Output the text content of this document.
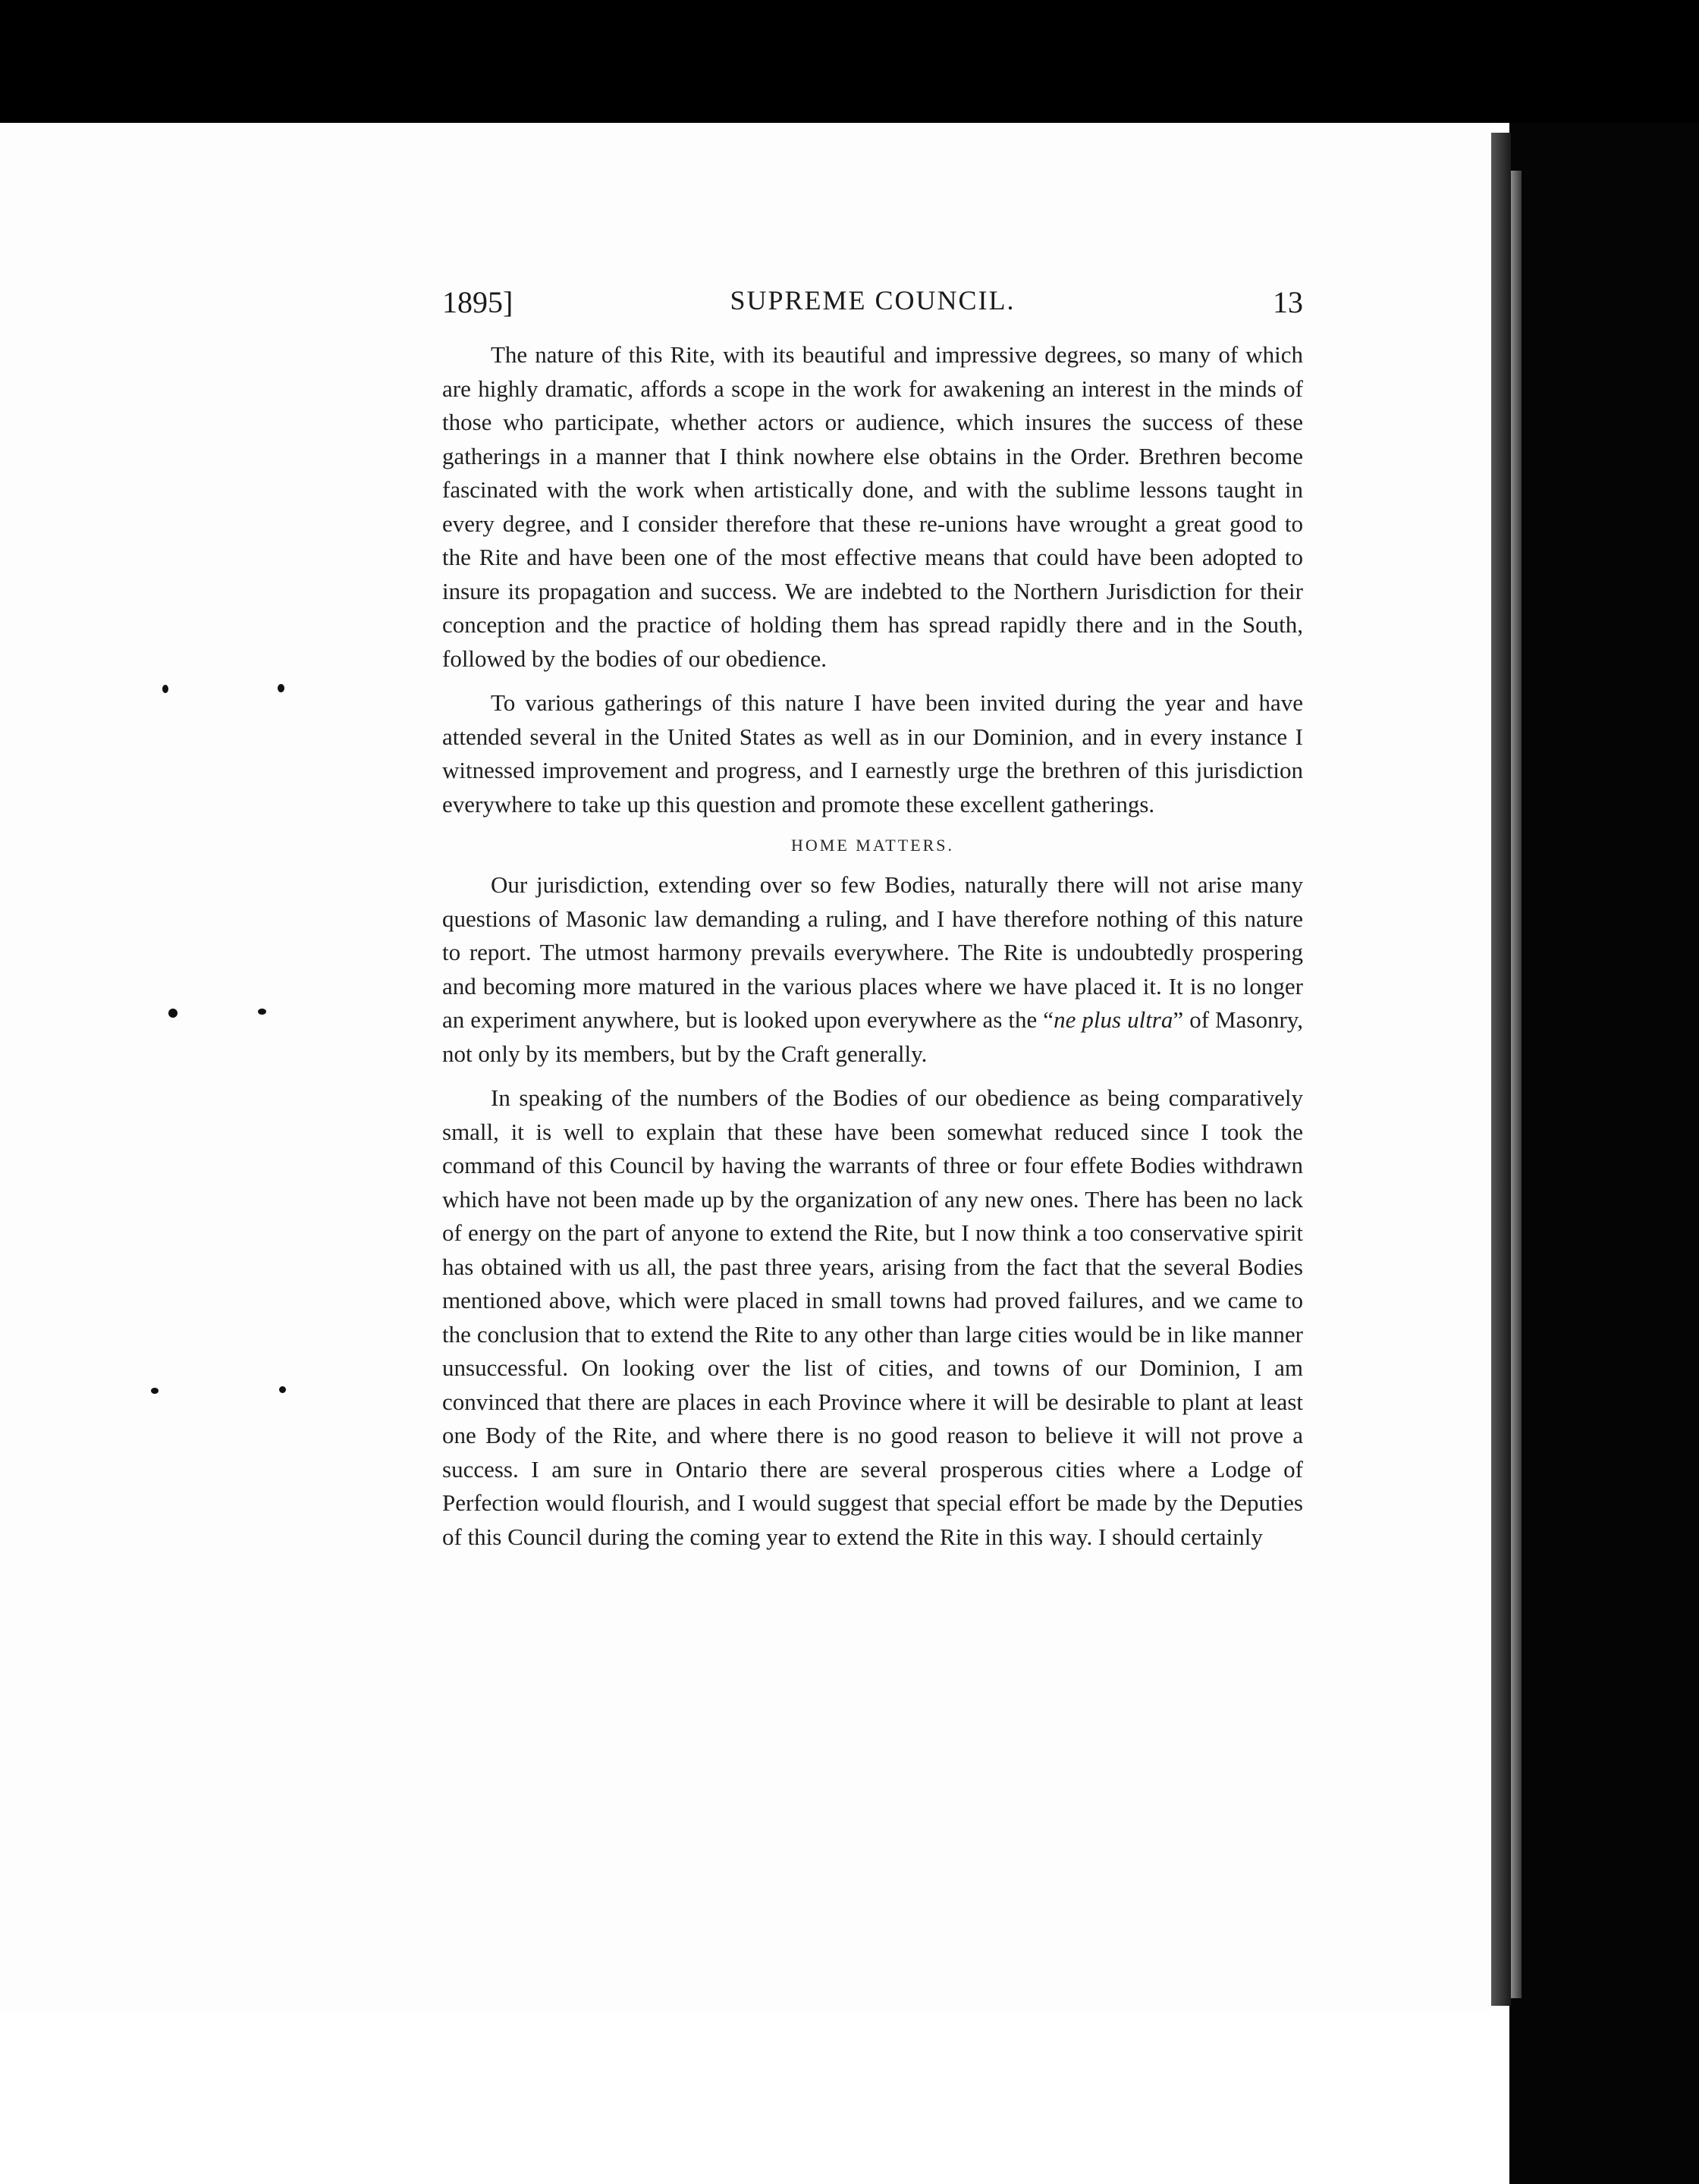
1895]	SUPREME COUNCIL.	13

The nature of this Rite, with its beautiful and impressive degrees, so many of which are highly dramatic, affords a scope in the work for awakening an interest in the minds of those who participate, whether actors or audience, which insures the success of these gatherings in a manner that I think nowhere else obtains in the Order. Brethren become fascinated with the work when artistically done, and with the sublime lessons taught in every degree, and I consider therefore that these re-unions have wrought a great good to the Rite and have been one of the most effective means that could have been adopted to insure its propagation and success. We are indebted to the Northern Jurisdiction for their conception and the practice of holding them has spread rapidly there and in the South, followed by the bodies of our obedience.

To various gatherings of this nature I have been invited during the year and have attended several in the United States as well as in our Dominion, and in every instance I witnessed improvement and progress, and I earnestly urge the brethren of this jurisdiction everywhere to take up this question and promote these excellent gatherings.

HOME MATTERS.

Our jurisdiction, extending over so few Bodies, naturally there will not arise many questions of Masonic law demanding a ruling, and I have therefore nothing of this nature to report. The utmost harmony prevails everywhere. The Rite is undoubtedly prospering and becoming more matured in the various places where we have placed it. It is no longer an experiment anywhere, but is looked upon everywhere as the “ne plus ultra” of Masonry, not only by its members, but by the Craft generally.

In speaking of the numbers of the Bodies of our obedience as being comparatively small, it is well to explain that these have been somewhat reduced since I took the command of this Council by having the warrants of three or four effete Bodies withdrawn which have not been made up by the organization of any new ones. There has been no lack of energy on the part of anyone to extend the Rite, but I now think a too conservative spirit has obtained with us all, the past three years, arising from the fact that the several Bodies mentioned above, which were placed in small towns had proved failures, and we came to the conclusion that to extend the Rite to any other than large cities would be in like manner unsuccessful. On looking over the list of cities, and towns of our Dominion, I am convinced that there are places in each Province where it will be desirable to plant at least one Body of the Rite, and where there is no good reason to believe it will not prove a success. I am sure in Ontario there are several prosperous cities where a Lodge of Perfection would flourish, and I would suggest that special effort be made by the Deputies of this Council during the coming year to extend the Rite in this way. I should certainly
